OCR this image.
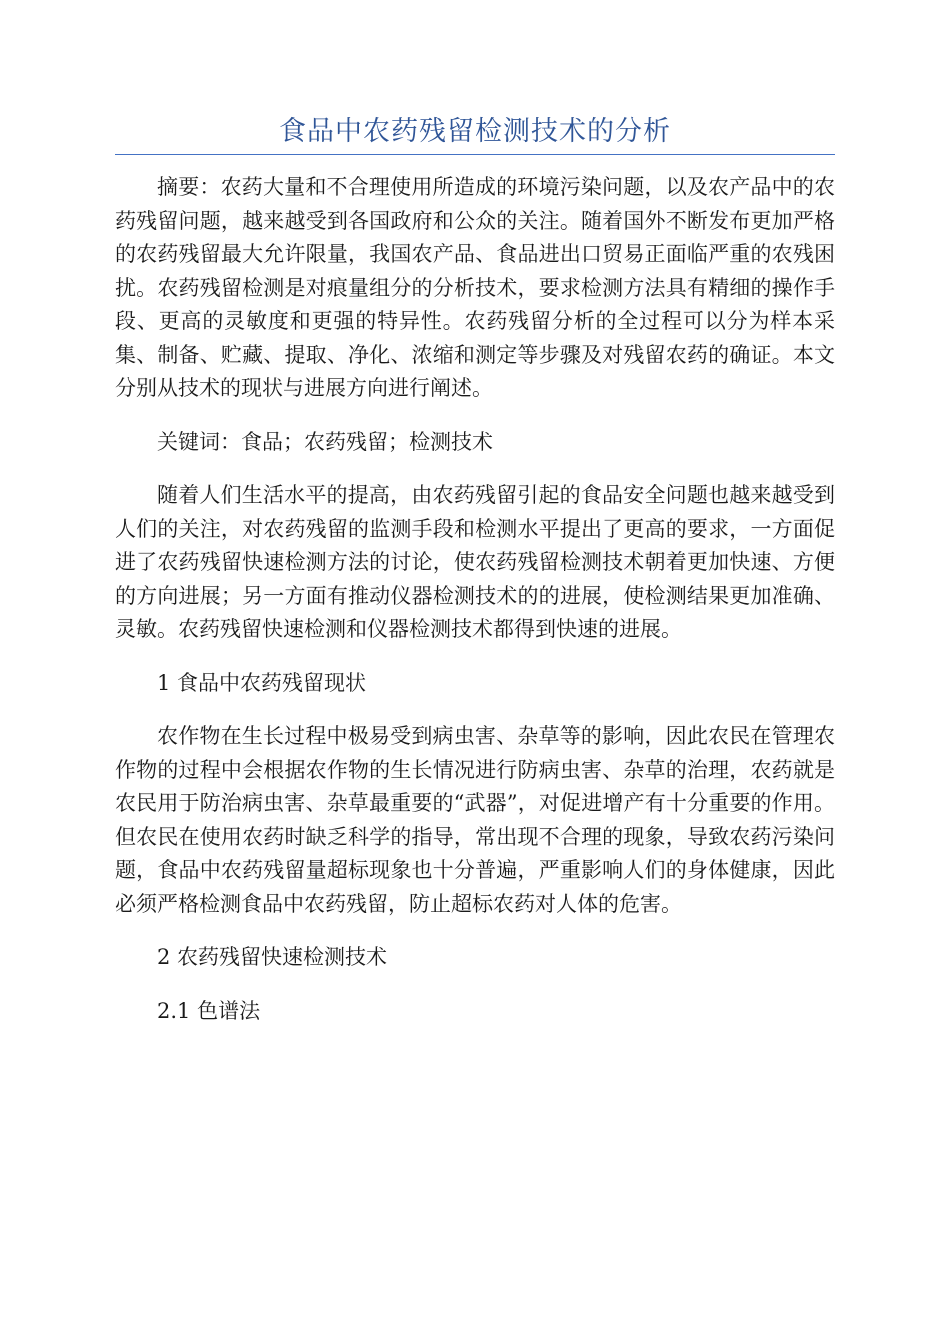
食品中农药残留检测技术的分析

摘要：农药大量和不合理使用所造成的环境污染问题，以及农产品中的农药残留问题，越来越受到各国政府和公众的关注。随着国外不断发布更加严格的农药残留最大允许限量，我国农产品、食品进出口贸易正面临严重的农残困扰。农药残留检测是对痕量组分的分析技术，要求检测方法具有精细的操作手段、更高的灵敏度和更强的特异性。农药残留分析的全过程可以分为样本采集、制备、贮藏、提取、净化、浓缩和测定等步骤及对残留农药的确证。本文分别从技术的现状与进展方向进行阐述。

关键词：食品；农药残留；检测技术

随着人们生活水平的提高，由农药残留引起的食品安全问题也越来越受到人们的关注，对农药残留的监测手段和检测水平提出了更高的要求，一方面促进了农药残留快速检测方法的讨论，使农药残留检测技术朝着更加快速、方便的方向进展；另一方面有推动仪器检测技术的的进展，使检测结果更加准确、灵敏。农药残留快速检测和仪器检测技术都得到快速的进展。

1 食品中农药残留现状

农作物在生长过程中极易受到病虫害、杂草等的影响，因此农民在管理农作物的过程中会根据农作物的生长情况进行防病虫害、杂草的治理，农药就是农民用于防治病虫害、杂草最重要的“武器”，对促进增产有十分重要的作用。但农民在使用农药时缺乏科学的指导，常出现不合理的现象，导致农药污染问题，食品中农药残留量超标现象也十分普遍，严重影响人们的身体健康，因此必须严格检测食品中农药残留，防止超标农药对人体的危害。

2 农药残留快速检测技术

2.1 色谱法
